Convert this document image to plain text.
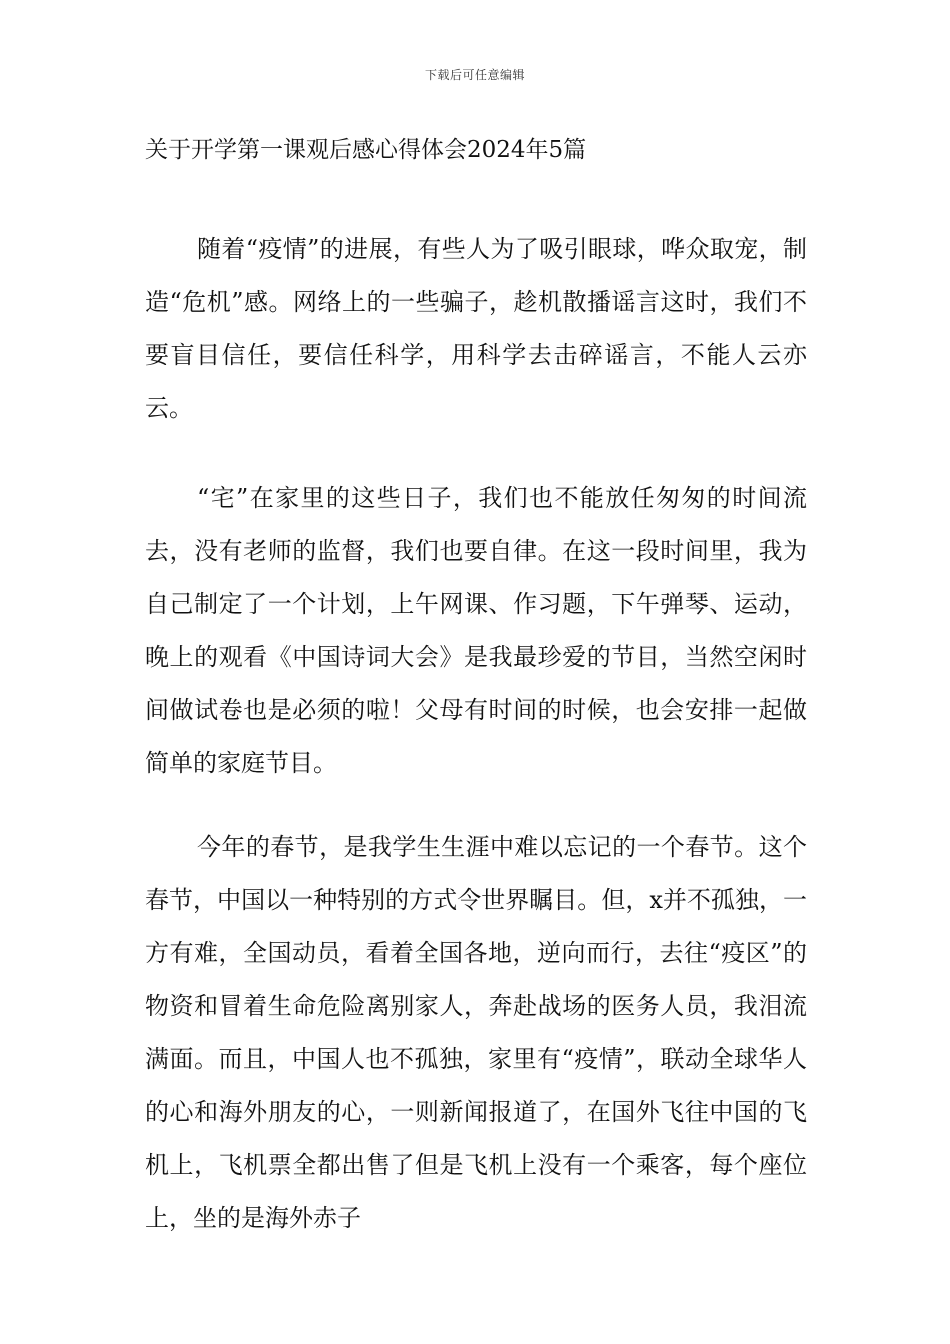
下载后可任意编辑
关于开学第一课观后感心得体会2024年5篇

随着“疫情”的进展，有些人为了吸引眼球，哗众取宠，制造“危机”感。网络上的一些骗子，趁机散播谣言这时，我们不要盲目信任，要信任科学，用科学去击碎谣言，不能人云亦云。

“宅”在家里的这些日子，我们也不能放任匆匆的时间流去，没有老师的监督，我们也要自律。在这一段时间里，我为自己制定了一个计划，上午网课、作习题，下午弹琴、运动，晚上的观看《中国诗词大会》是我最珍爱的节目，当然空闲时间做试卷也是必须的啦！父母有时间的时候，也会安排一起做简单的家庭节目。

今年的春节，是我学生生涯中难以忘记的一个春节。这个春节，中国以一种特别的方式令世界瞩目。但，x并不孤独，一方有难，全国动员，看着全国各地，逆向而行，去往“疫区”的物资和冒着生命危险离别家人，奔赴战场的医务人员，我泪流满面。而且，中国人也不孤独，家里有“疫情”，联动全球华人的心和海外朋友的心，一则新闻报道了，在国外飞往中国的飞机上，飞机票全都出售了但是飞机上没有一个乘客，每个座位上，坐的是海外赤子
